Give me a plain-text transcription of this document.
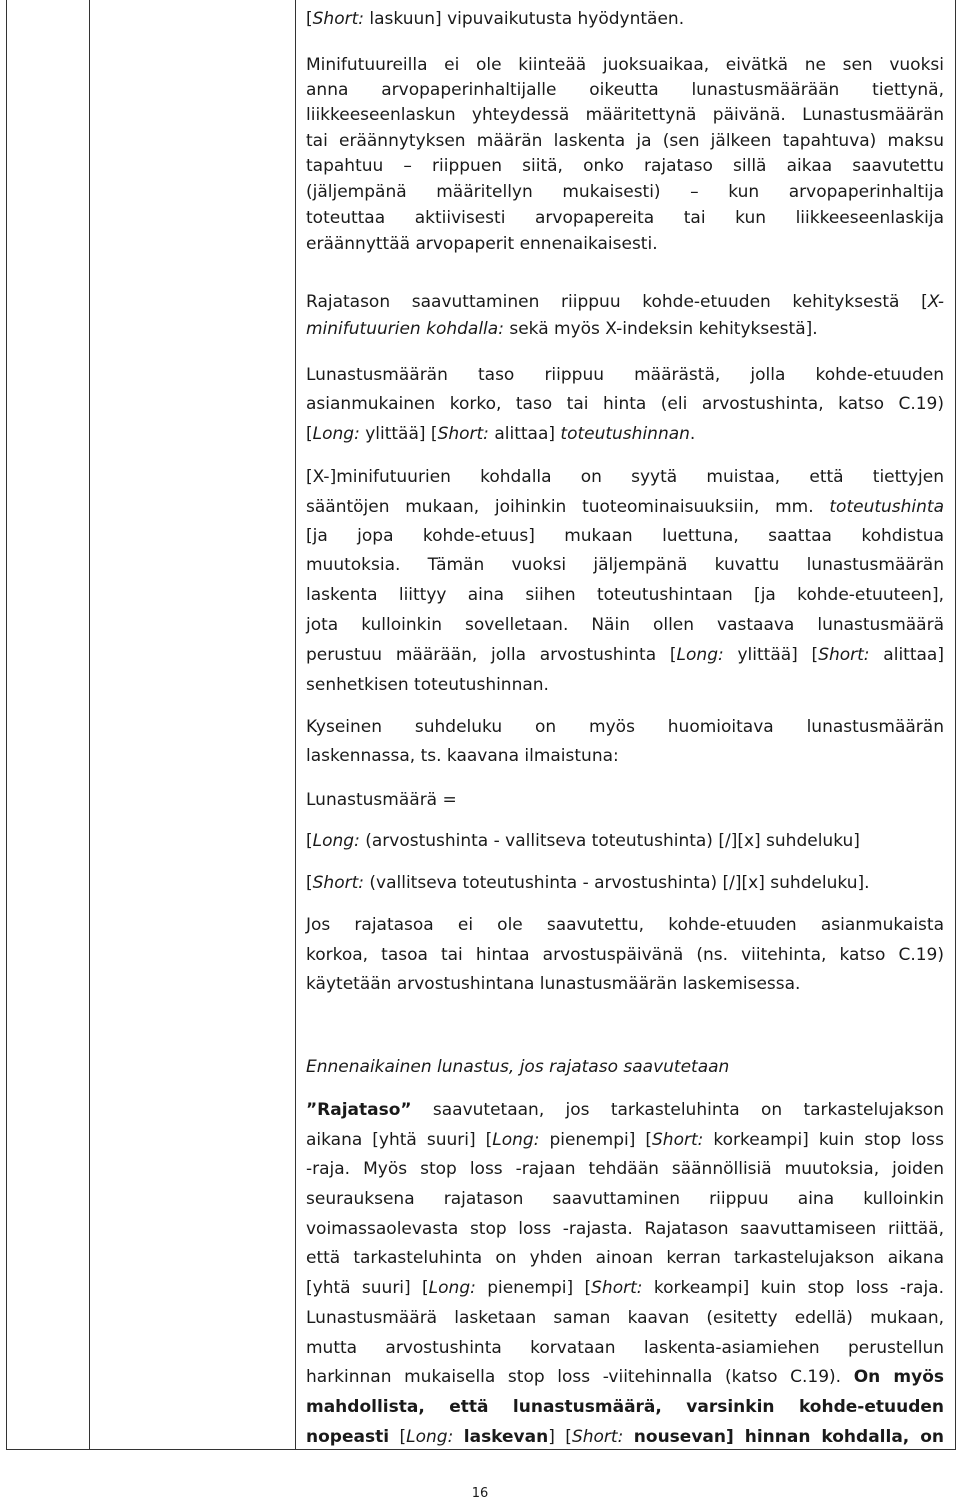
[Short: laskuun] vipuvaikutusta hyödyntäen.
Minifutuureilla ei ole kiinteää juoksuaikaa, eivätkä ne sen vuoksi
anna arvopaperinhaltijalle oikeutta lunastusmäärään tiettynä,
liikkeeseenlaskun yhteydessä määritettynä päivänä. Lunastusmäärän
tai eräännytyksen määrän laskenta ja (sen jälkeen tapahtuva) maksu
tapahtuu – riippuen siitä, onko rajataso sillä aikaa saavutettu
(jäljempänä määritellyn mukaisesti) – kun arvopaperinhaltija
toteuttaa aktiivisesti arvopapereita tai kun liikkeeseenlaskija
eräännyttää arvopaperit ennenaikaisesti.
Rajatason saavuttaminen riippuu kohde-etuuden kehityksestä [X-
minifutuurien kohdalla: sekä myös X-indeksin kehityksestä].
Lunastusmäärän taso riippuu määrästä, jolla kohde-etuuden
asianmukainen korko, taso tai hinta (eli arvostushinta, katso C.19)
[Long: ylittää] [Short: alittaa] toteutushinnan.
[X-]minifutuurien kohdalla on syytä muistaa, että tiettyjen
sääntöjen mukaan, joihinkin tuoteominaisuuksiin, mm. toteutushinta
[ja jopa kohde-etuus] mukaan luettuna, saattaa kohdistua
muutoksia. Tämän vuoksi jäljempänä kuvattu lunastusmäärän
laskenta liittyy aina siihen toteutushintaan [ja kohde-etuuteen],
jota kulloinkin sovelletaan. Näin ollen vastaava lunastusmäärä
perustuu määrään, jolla arvostushinta [Long: ylittää] [Short: alittaa]
senhetkisen toteutushinnan.
Kyseinen suhdeluku on myös huomioitava lunastusmäärän
laskennassa, ts. kaavana ilmaistuna:
Lunastusmäärä =
[Long: (arvostushinta - vallitseva toteutushinta) [/][x] suhdeluku]
[Short: (vallitseva toteutushinta - arvostushinta) [/][x] suhdeluku].
Jos rajatasoa ei ole saavutettu, kohde-etuuden asianmukaista
korkoa, tasoa tai hintaa arvostuspäivänä (ns. viitehinta, katso C.19)
käytetään arvostushintana lunastusmäärän laskemisessa.
Ennenaikainen lunastus, jos rajataso saavutetaan
”Rajataso” saavutetaan, jos tarkasteluhinta on tarkastelujakson
aikana [yhtä suuri] [Long: pienempi] [Short: korkeampi] kuin stop loss
-raja. Myös stop loss -rajaan tehdään säännöllisiä muutoksia, joiden
seurauksena rajatason saavuttaminen riippuu aina kulloinkin
voimassaolevasta stop loss -rajasta. Rajatason saavuttamiseen riittää,
että tarkasteluhinta on yhden ainoan kerran tarkastelujakson aikana
[yhtä suuri] [Long: pienempi] [Short: korkeampi] kuin stop loss -raja.
Lunastusmäärä lasketaan saman kaavan (esitetty edellä) mukaan,
mutta arvostushinta korvataan laskenta-asiamiehen perustellun
harkinnan mukaisella stop loss -viitehinnalla (katso C.19). On myös
mahdollista, että lunastusmäärä, varsinkin kohde-etuuden
nopeasti [Long: laskevan] [Short: nousevan] hinnan kohdalla, on
16
